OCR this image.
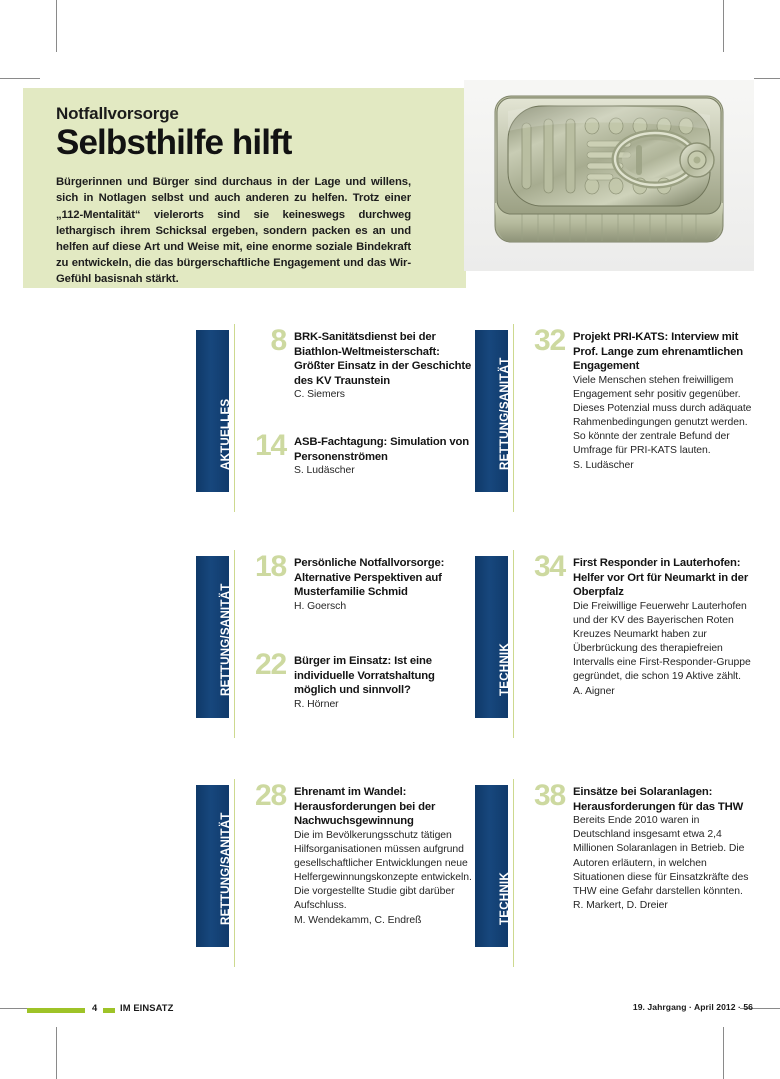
Notfallvorsorge
Selbsthilfe hilft

Bürgerinnen und Bürger sind durchaus in der Lage und willens, sich in Notlagen selbst und auch anderen zu helfen. Trotz einer „112-Mentalität“ vielerorts sind sie keineswegs durchweg lethargisch ihrem Schicksal ergeben, sondern packen es an und helfen auf diese Art und Weise mit, eine enorme soziale Bindekraft zu entwickeln, die das bürgerschaftliche Engagement und das Wir-Gefühl basisnah stärkt.

AKTUELLES
8 BRK-Sanitätsdienst bei der Biathlon-Weltmeisterschaft: Größter Einsatz in der Geschichte des KV Traunstein

C. Siemers

14 ASB-Fachtagung: Simulation von Personenströmen

S. Ludäscher

RETTUNG/SANITÄT
18 Persönliche Notfallvorsorge: Alternative Perspektiven auf Musterfamilie Schmid

H. Goersch

22 Bürger im Einsatz: Ist eine individuelle Vorratshaltung möglich und sinnvoll?

R. Hörner

RETTUNG/SANITÄT
28 Ehrenamt im Wandel: Herausforderungen bei der Nachwuchsgewinnung

Die im Bevölkerungsschutz tätigen Hilfsorganisationen müssen aufgrund gesellschaftlicher Entwicklungen neue Helfergewinnungskonzepte entwickeln. Die vorgestellte Studie gibt darüber Aufschluss.

M. Wendekamm, C. Endreß

RETTUNG/SANITÄT
32 Projekt PRI-KATS: Interview mit Prof. Lange zum ehrenamtlichen Engagement

Viele Menschen stehen freiwilligem Engagement sehr positiv gegenüber. Dieses Potenzial muss durch adäquate Rahmenbedingungen genutzt werden. So könnte der zentrale Befund der Umfrage für PRI-KATS lauten.

S. Ludäscher

TECHNIK
34 First Responder in Lauterhofen: Helfer vor Ort für Neumarkt in der Oberpfalz

Die Freiwillige Feuerwehr Lauterhofen und der KV des Bayerischen Roten Kreuzes Neumarkt haben zur Überbrückung des therapiefreien Intervalls eine First-Responder-Gruppe gegründet, die schon 19 Aktive zählt.

A. Aigner

TECHNIK
38 Einsätze bei Solaranlagen: Herausforderungen für das THW

Bereits Ende 2010 waren in Deutschland insgesamt etwa 2,4 Millionen Solaranlagen in Betrieb. Die Autoren erläutern, in welchen Situationen diese für Einsatzkräfte des THW eine Gefahr darstellen könnten.

R. Markert, D. Dreier

4 IM EINSATZ	19. Jahrgang · April 2012 · 56
